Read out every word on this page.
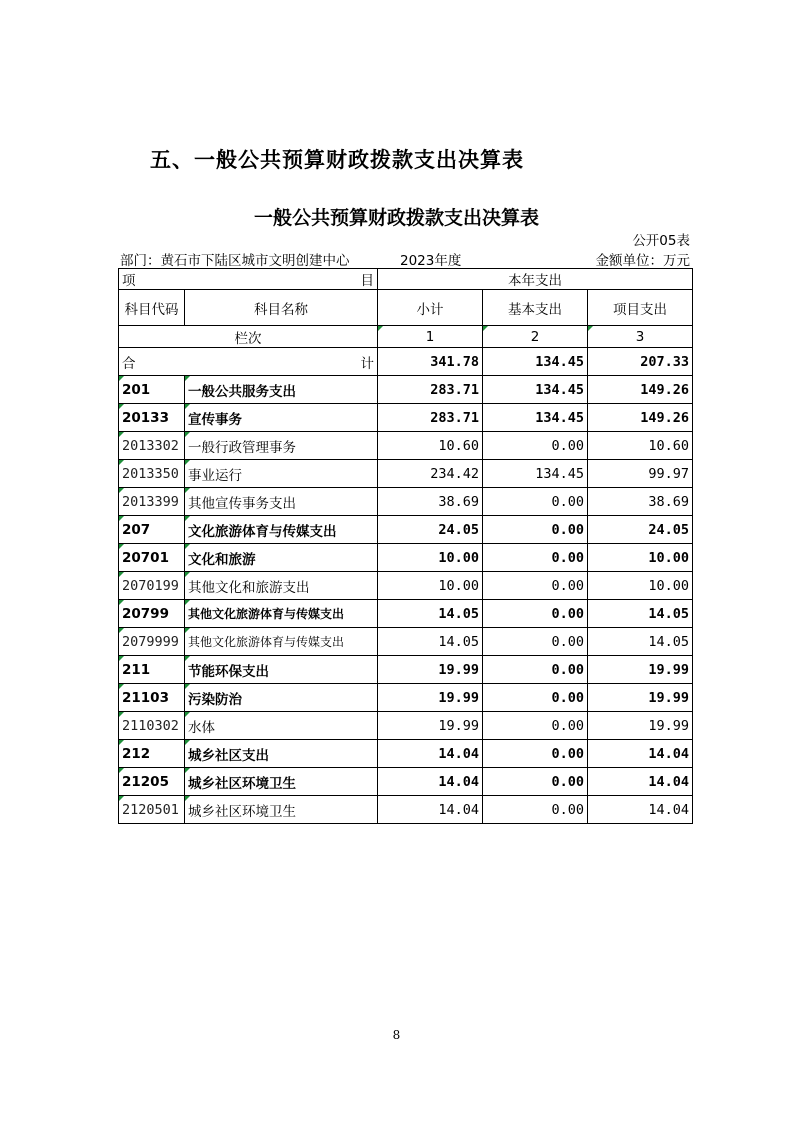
五、一般公共预算财政拨款支出决算表
一般公共预算财政拨款支出决算表
公开05表
部门：黄石市下陆区城市文明创建中心	2023年度	金额单位：万元
项 目		本年支出		
科目代码	科目名称	小计	基本支出	项目支出
栏次		1	2	3

合 计		341.78	134.45	207.33
201	一般公共服务支出	283.71	134.45	149.26
20133	宣传事务	283.71	134.45	149.26
2013302	一般行政管理事务	10.60	0.00	10.60
2013350	事业运行	234.42	134.45	99.97
2013399	其他宣传事务支出	38.69	0.00	38.69
207	文化旅游体育与传媒支出	24.05	0.00	24.05
20701	文化和旅游	10.00	0.00	10.00
2070199	其他文化和旅游支出	10.00	0.00	10.00
20799	其他文化旅游体育与传媒支出	14.05	0.00	14.05
2079999	其他文化旅游体育与传媒支出	14.05	0.00	14.05
211	节能环保支出	19.99	0.00	19.99
21103	污染防治	19.99	0.00	19.99
2110302	水体	19.99	0.00	19.99
212	城乡社区支出	14.04	0.00	14.04
21205	城乡社区环境卫生	14.04	0.00	14.04
2120501	城乡社区环境卫生	14.04	0.00	14.04
8
